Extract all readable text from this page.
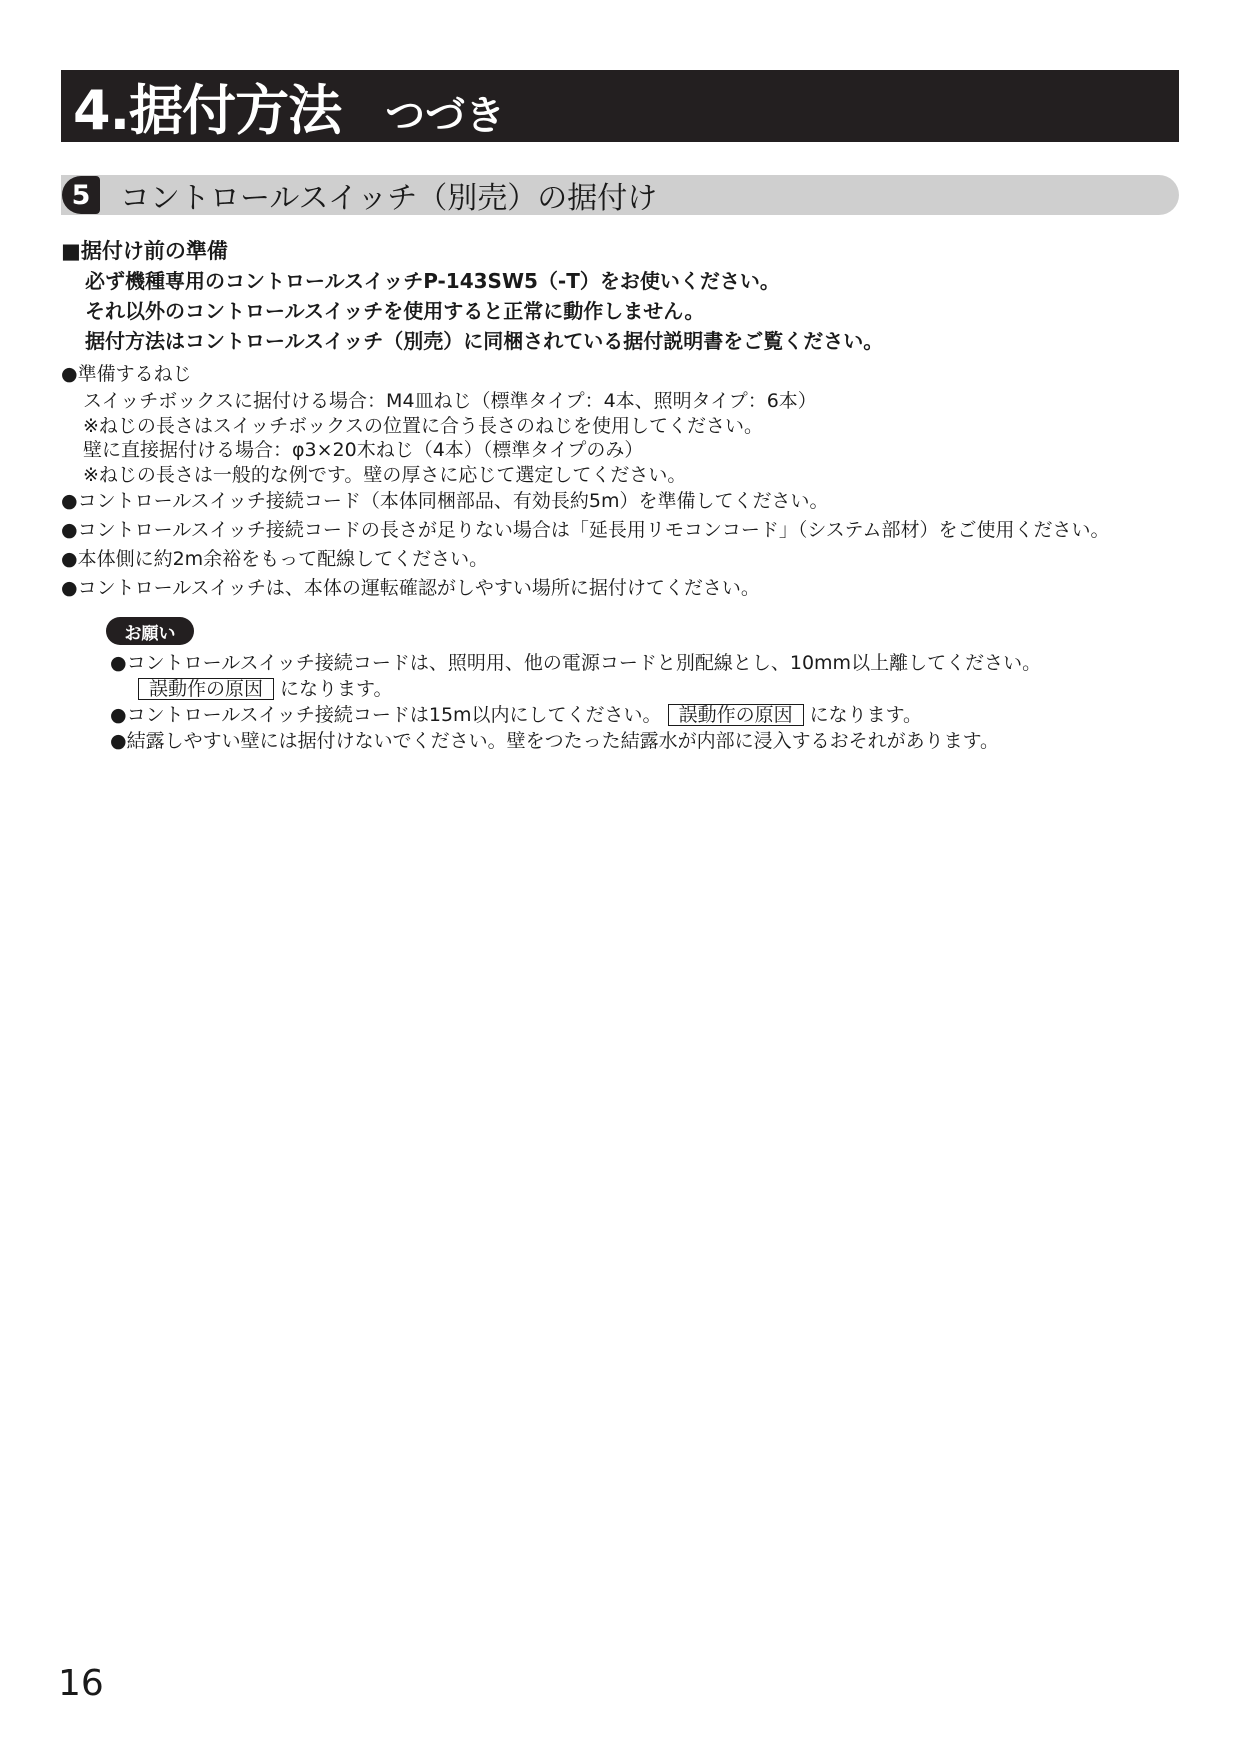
4.据付方法 つづき
5 コントロールスイッチ（別売）の据付け
■据付け前の準備
必ず機種専用のコントロールスイッチP-143SW5（-T）をお使いください。
それ以外のコントロールスイッチを使用すると正常に動作しません。
据付方法はコントロールスイッチ（別売）に同梱されている据付説明書をご覧ください。
●準備するねじ
スイッチボックスに据付ける場合：M4皿ねじ（標準タイプ：4本、照明タイプ：6本）
※ねじの長さはスイッチボックスの位置に合う長さのねじを使用してください。
壁に直接据付ける場合：φ3×20木ねじ（4本）（標準タイプのみ）
※ねじの長さは一般的な例です。壁の厚さに応じて選定してください。
●コントロールスイッチ接続コード（本体同梱部品、有効長約5m）を準備してください。
●コントロールスイッチ接続コードの長さが足りない場合は「延長用リモコンコード」（システム部材）をご使用ください。
●本体側に約2m余裕をもって配線してください。
●コントロールスイッチは、本体の運転確認がしやすい場所に据付けてください。
お願い
●コントロールスイッチ接続コードは、照明用、他の電源コードと別配線とし、10mm以上離してください。
誤動作の原因 になります。
●コントロールスイッチ接続コードは15m以内にしてください。 誤動作の原因 になります。
●結露しやすい壁には据付けないでください。壁をつたった結露水が内部に浸入するおそれがあります。
16
